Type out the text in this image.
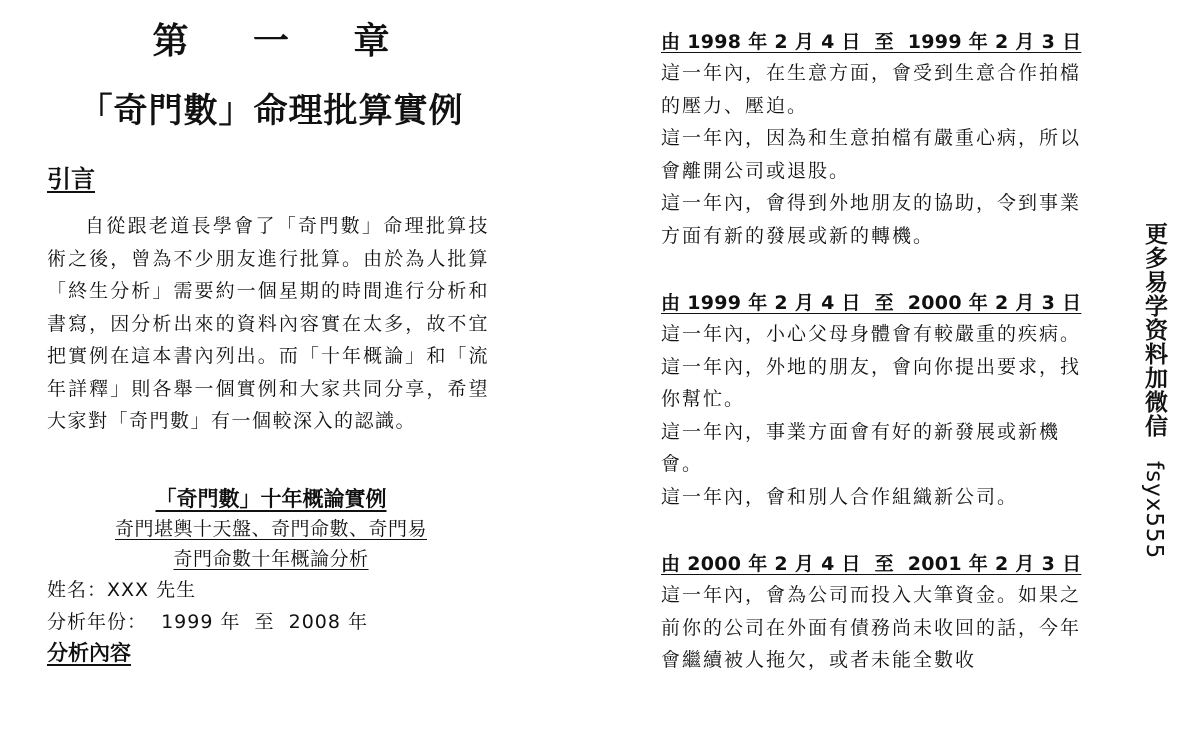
第 一 章
「奇門數」命理批算實例
引言

自從跟老道長學會了「奇門數」命理批算技術之後，曾為不少朋友進行批算。由於為人批算「終生分析」需要約一個星期的時間進行分析和書寫，因分析出來的資料內容實在太多，故不宜把實例在這本書內列出。而「十年概論」和「流年詳釋」則各舉一個實例和大家共同分享，希望大家對「奇門數」有一個較深入的認識。

「奇門數」十年概論實例
奇門堪輿十天盤、奇門命數、奇門易
奇門命數十年概論分析
姓名：XXX 先生
分析年份：  1999 年  至  2008 年
分析內容
由 1998 年 2 月 4 日  至  1999 年 2 月 3 日

這一年內，在生意方面，會受到生意合作拍檔的壓力、壓迫。

這一年內，因為和生意拍檔有嚴重心病，所以會離開公司或退股。

這一年內，會得到外地朋友的協助，令到事業方面有新的發展或新的轉機。

由 1999 年 2 月 4 日  至  2000 年 2 月 3 日

這一年內，小心父母身體會有較嚴重的疾病。

這一年內，外地的朋友，會向你提出要求，找你幫忙。

這一年內，事業方面會有好的新發展或新機會。

這一年內，會和別人合作組織新公司。

由 2000 年 2 月 4 日  至  2001 年 2 月 3 日

這一年內，會為公司而投入大筆資金。如果之前你的公司在外面有債務尚未收回的話，今年會繼續被人拖欠，或者未能全數收

更多易学资料加微信 fsyx555
